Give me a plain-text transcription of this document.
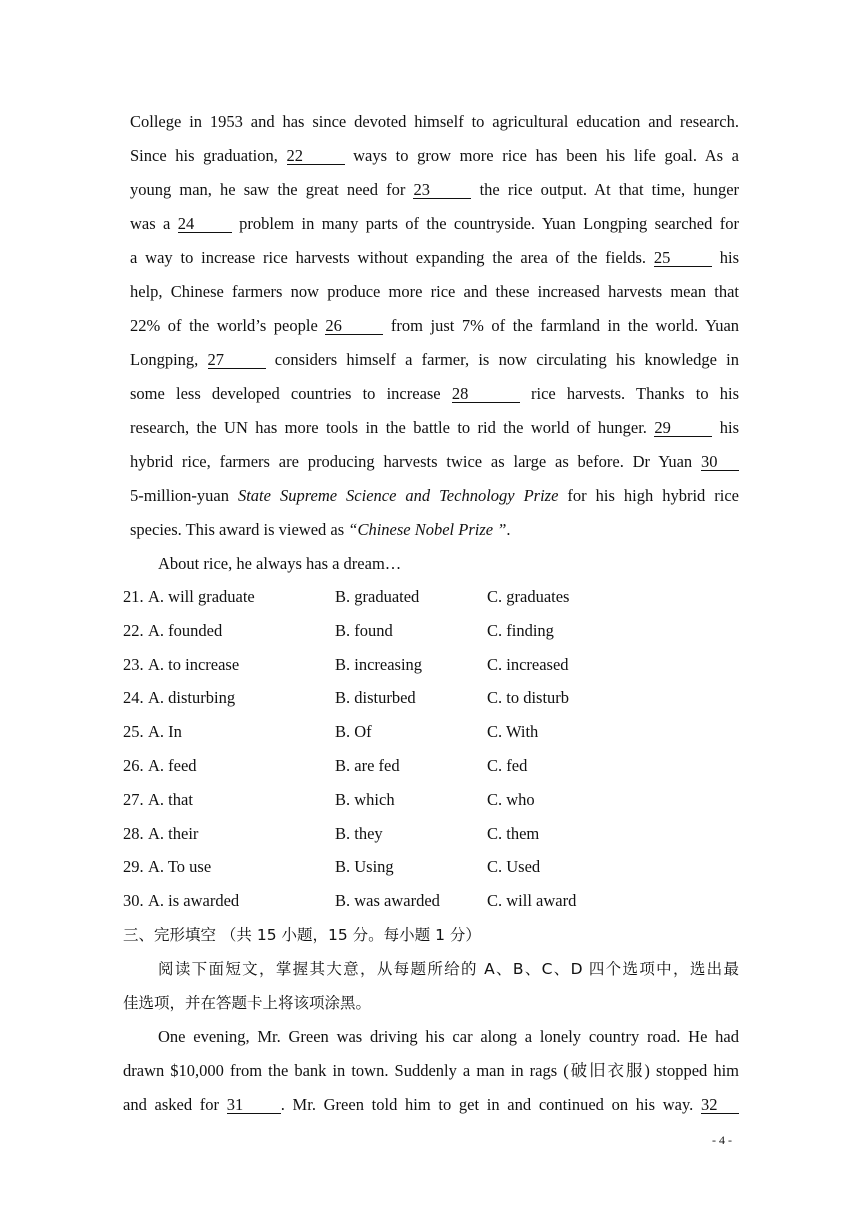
College in 1953 and has since devoted himself to agricultural education and research.
Since his graduation, 22	ways to grow more rice has been his life goal. As a
young man, he saw the great need for 23	the rice output. At that time, hunger
was a 24	problem in many parts of the countryside. Yuan Longping searched for
a way to increase rice harvests without expanding the area of the fields. 25	his
help, Chinese farmers now produce more rice and these increased harvests mean that
22% of the world’s people 26	from just 7% of the farmland in the world. Yuan
Longping, 27	considers himself a farmer, is now circulating his knowledge in
some less developed countries to increase 28	rice harvests. Thanks to his
research, the UN has more tools in the battle to rid the world of hunger. 29	his
hybrid rice, farmers are producing harvests twice as large as before. Dr Yuan 30
5-million-yuan State Supreme Science and Technology Prize for his high hybrid rice
species. This award is viewed as “Chinese Nobel Prize ”.
About rice, he always has a dream…
21. A. will graduate	B. graduated	C. graduates
22. A. founded	B. found	C. finding
23. A. to increase	B. increasing	C. increased
24. A. disturbing	B. disturbed	C. to disturb
25. A. In	B. Of	C. With
26. A. feed	B. are fed	C. fed
27. A. that	B. which	C. who
28. A. their	B. they	C. them
29. A. To use	B. Using	C. Used
30. A. is awarded	B. was awarded	C. will award
三、完形填空 （共 15 小题，15 分。每小题 1 分）
阅读下面短文，掌握其大意，从每题所给的 A、B、C、D 四个选项中，选出最
佳选项，并在答题卡上将该项涂黑。
One evening, Mr. Green was driving his car along a lonely country road. He had
drawn $10,000 from the bank in town. Suddenly a man in rags (破旧衣服) stopped him
and asked for 31 . Mr. Green told him to get in and continued on his way. 32
- 4 -
